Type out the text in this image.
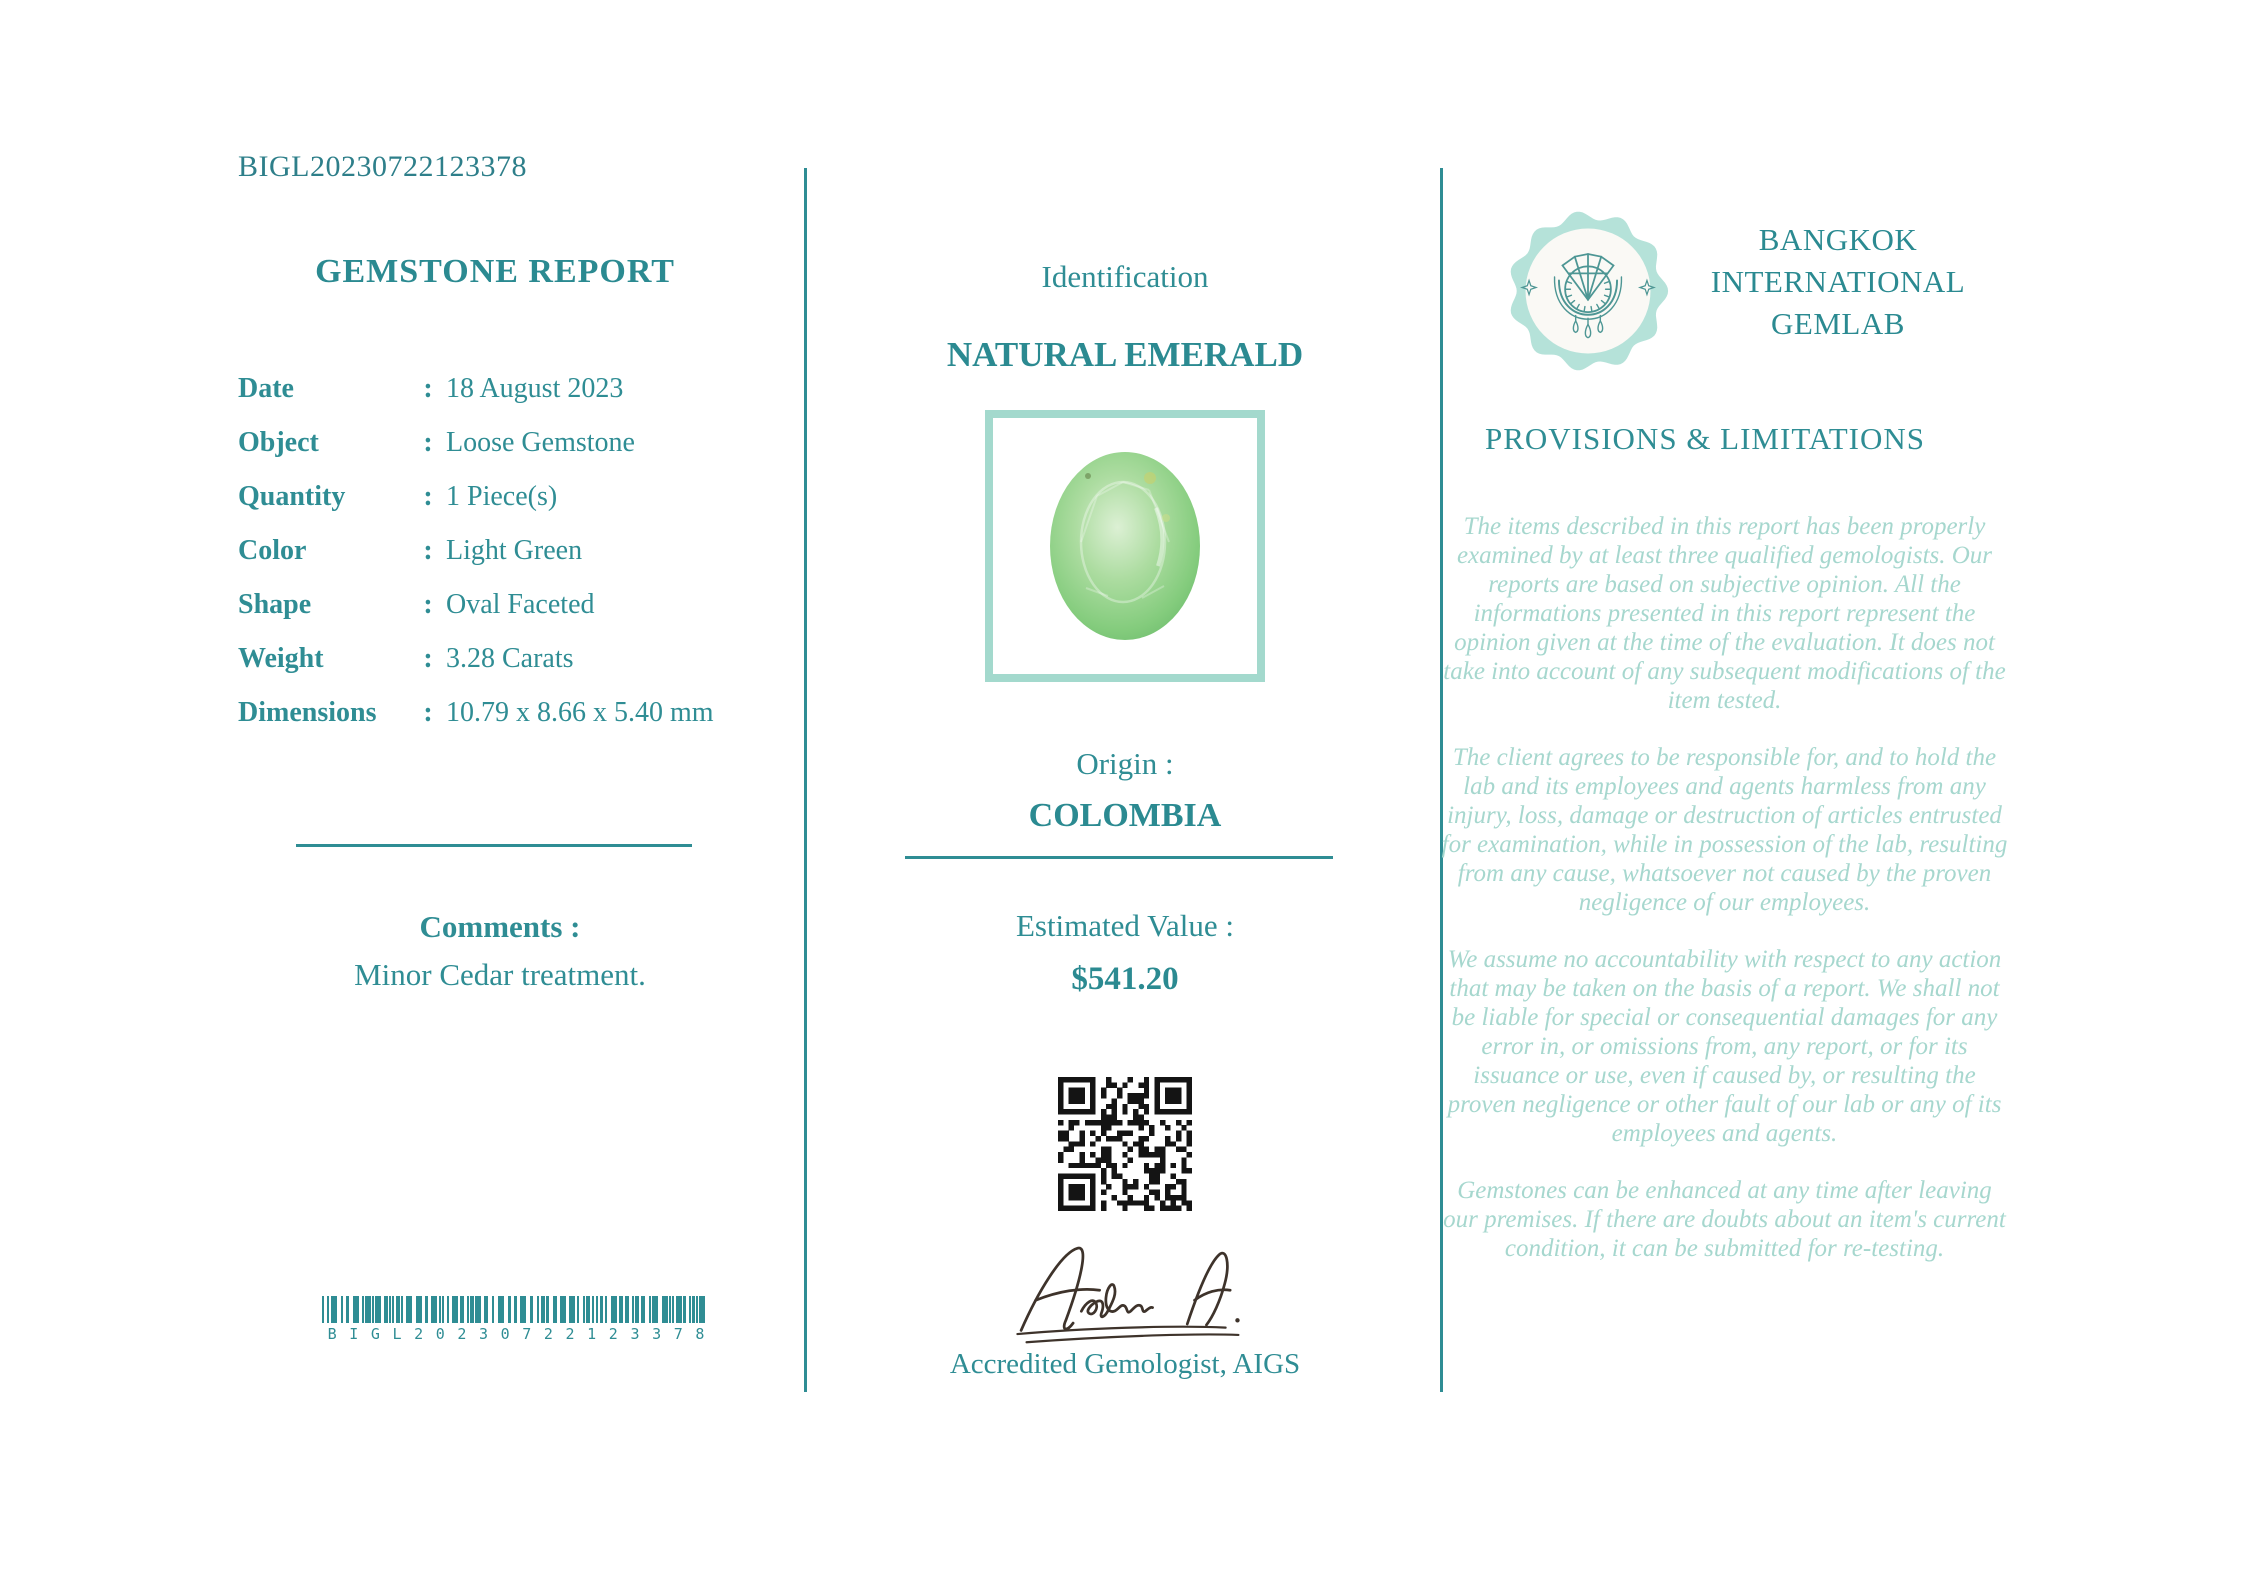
BIGL20230722123378
GEMSTONE REPORT
Date	: 18 August 2023
Object	: Loose Gemstone
Quantity	: 1 Piece(s)
Color	: Light Green
Shape	: Oval Faceted
Weight	: 3.28 Carats
Dimensions	: 10.79 x 8.66 x 5.40 mm
Comments :
Minor Cedar treatment.
BIGL20230722123378
Identification
NATURAL EMERALD
Origin :
COLOMBIA
Estimated Value :
$541.20
Accredited Gemologist, AIGS
BANGKOK INTERNATIONAL GEMLAB
PROVISIONS & LIMITATIONS

The items described in this report has been properly examined by at least three qualified gemologists. Our reports are based on subjective opinion. All the informations presented in this report represent the opinion given at the time of the evaluation. It does not take into account of any subsequent modifications of the item tested.

The client agrees to be responsible for, and to hold the lab and its employees and agents harmless from any injury, loss, damage or destruction of articles entrusted for examination, while in possession of the lab, resulting from any cause, whatsoever not caused by the proven negligence of our employees.

We assume no accountability with respect to any action that may be taken on the basis of a report. We shall not be liable for special or consequential damages for any error in, or omissions from, any report, or for its issuance or use, even if caused by, or resulting the proven negligence or other fault of our lab or any of its employees and agents.

Gemstones can be enhanced at any time after leaving our premises. If there are doubts about an item's current condition, it can be submitted for re-testing.
